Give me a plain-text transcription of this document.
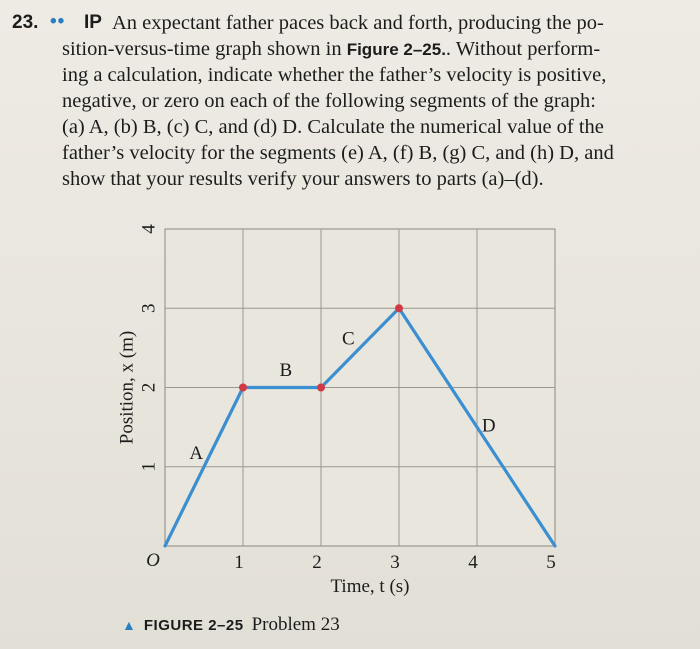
23. •• IP An expectant father paces back and forth, producing the po-
sition-versus-time graph shown in Figure 2–25.. Without perform-
ing a calculation, indicate whether the father’s velocity is positive,
negative, or zero on each of the following segments of the graph:
(a) A, (b) B, (c) C, and (d) D. Calculate the numerical value of the
father’s velocity for the segments (e) A, (f) B, (g) C, and (h) D, and
show that your results verify your answers to parts (a)–(d).
1
2
3
4
1	2	3	4	5
O
Time, t (s)
Position, x (m)
A
B
C
D
▲ FIGURE 2–25 Problem 23
